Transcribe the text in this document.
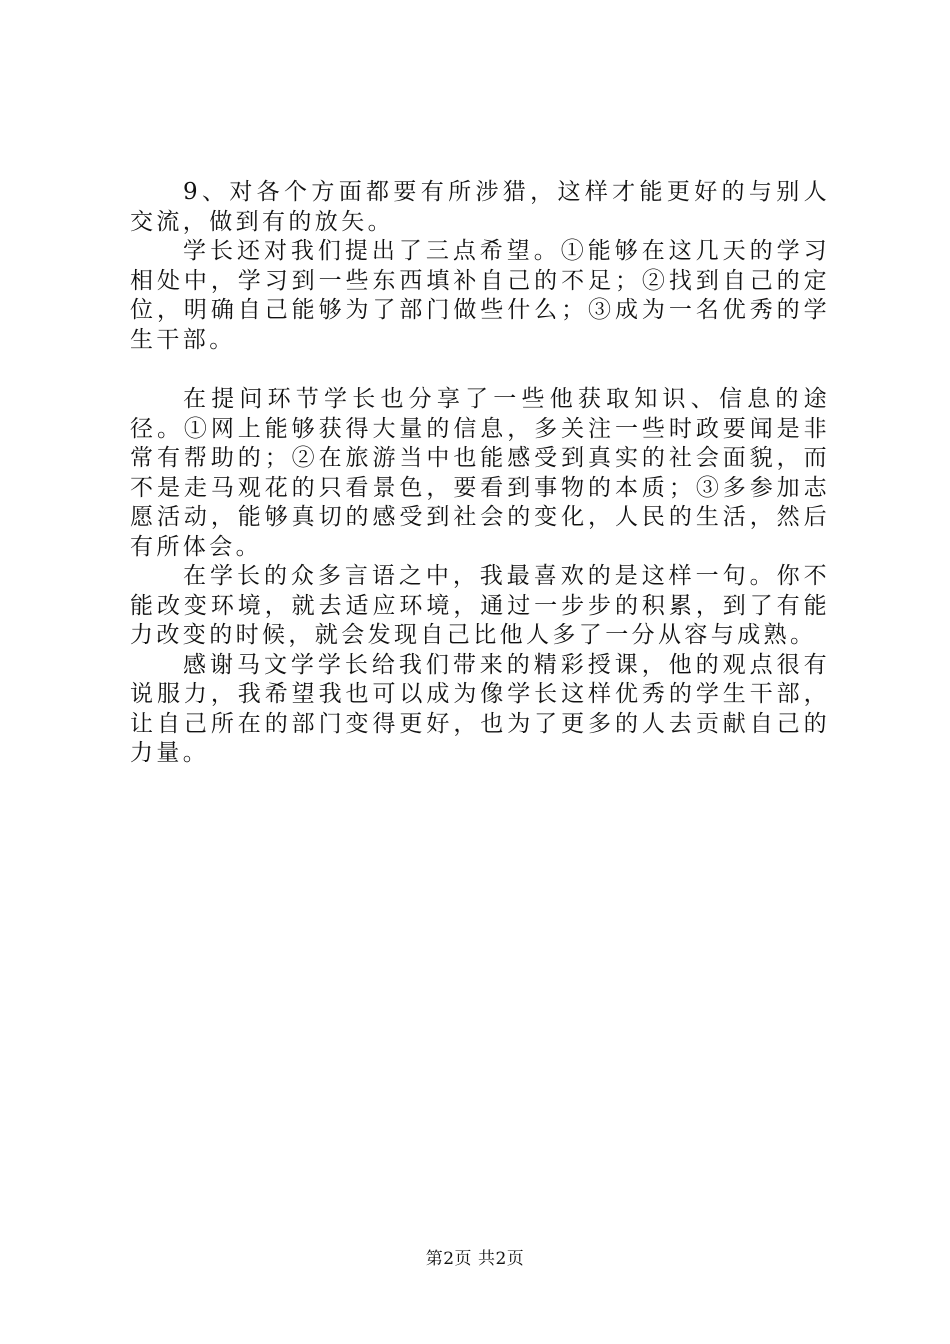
9、对各个方面都要有所涉猎，这样才能更好的与别人交流，做到有的放矢。

学长还对我们提出了三点希望。①能够在这几天的学习相处中，学习到一些东西填补自己的不足；②找到自己的定位，明确自己能够为了部门做些什么；③成为一名优秀的学生干部。

在提问环节学长也分享了一些他获取知识、信息的途径。①网上能够获得大量的信息，多关注一些时政要闻是非常有帮助的；②在旅游当中也能感受到真实的社会面貌，而不是走马观花的只看景色，要看到事物的本质；③多参加志愿活动，能够真切的感受到社会的变化，人民的生活，然后有所体会。

在学长的众多言语之中，我最喜欢的是这样一句。你不能改变环境，就去适应环境，通过一步步的积累，到了有能力改变的时候，就会发现自己比他人多了一分从容与成熟。

感谢马文学学长给我们带来的精彩授课，他的观点很有说服力，我希望我也可以成为像学长这样优秀的学生干部，让自己所在的部门变得更好，也为了更多的人去贡献自己的力量。

第2页 共2页
